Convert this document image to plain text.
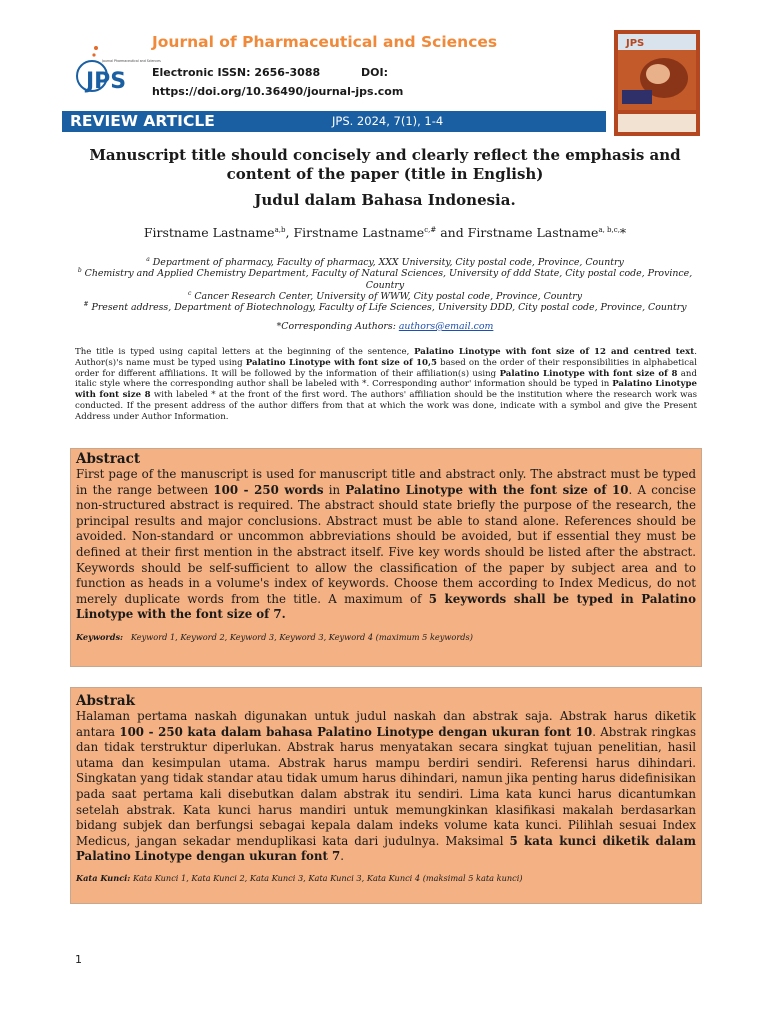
JPS
Journal Pharmaceutical and Sciences
Journal of Pharmaceutical and Sciences
Electronic ISSN: 2656-3088	DOI:
https://doi.org/10.36490/journal-jps.com
JPS
REVIEW ARTICLE	JPS. 2024, 7(1), 1-4
Manuscript title should concisely and clearly reflect the emphasis and content of the paper (title in English)
Judul dalam Bahasa Indonesia.
Firstname Lastname$^{a,b}$, Firstname Lastname$^{c,\#}$ and Firstname Lastname$^{a, b,c,}$*
$^a$ Department of pharmacy, Faculty of pharmacy, XXX University, City postal code, Province, Country
$^b$ Chemistry and Applied Chemistry Department, Faculty of Natural Sciences, University of ddd State, City postal code, Province, Country
$^c$ Cancer Research Center, University of WWW, City postal code, Province, Country
# Present address, Department of Biotechnology, Faculty of Life Sciences, University DDD, City postal code, Province, Country
*Corresponding Authors: authors@email.com
The title is typed using capital letters at the beginning of the sentence, Palatino Linotype with font size of 12 and centred text. Author(s)'s name must be typed using Palatino Linotype with font size of 10,5 based on the order of their responsibilities in alphabetical order for different affiliations. It will be followed by the information of their affiliation(s) using Palatino Linotype with font size of 8 and italic style where the corresponding author shall be labeled with *. Corresponding author' information should be typed in Palatino Linotype with font size 8 with labeled * at the front of the first word. The authors' affiliation should be the institution where the research work was conducted. If the present address of the author differs from that at which the work was done, indicate with a symbol and give the Present Address under Author Information.
Abstract
First page of the manuscript is used for manuscript title and abstract only. The abstract must be typed in the range between 100 - 250 words in Palatino Linotype with the font size of 10. A concise non-structured abstract is required. The abstract should state briefly the purpose of the research, the principal results and major conclusions. Abstract must be able to stand alone. References should be avoided. Non-standard or uncommon abbreviations should be avoided, but if essential they must be defined at their first mention in the abstract itself. Five key words should be listed after the abstract. Keywords should be self-sufficient to allow the classification of the paper by subject area and to function as heads in a volume's index of keywords. Choose them according to Index Medicus, do not merely duplicate words from the title. A maximum of 5 keywords shall be typed in Palatino Linotype with the font size of 7.
Keywords: Keyword 1, Keyword 2, Keyword 3, Keyword 3, Keyword 4 (maximum 5 keywords)
Abstrak
Halaman pertama naskah digunakan untuk judul naskah dan abstrak saja. Abstrak harus diketik antara 100 - 250 kata dalam bahasa Palatino Linotype dengan ukuran font 10. Abstrak ringkas dan tidak terstruktur diperlukan. Abstrak harus menyatakan secara singkat tujuan penelitian, hasil utama dan kesimpulan utama. Abstrak harus mampu berdiri sendiri. Referensi harus dihindari. Singkatan yang tidak standar atau tidak umum harus dihindari, namun jika penting harus didefinisikan pada saat pertama kali disebutkan dalam abstrak itu sendiri. Lima kata kunci harus dicantumkan setelah abstrak. Kata kunci harus mandiri untuk memungkinkan klasifikasi makalah berdasarkan bidang subjek dan berfungsi sebagai kepala dalam indeks volume kata kunci. Pilihlah sesuai Index Medicus, jangan sekadar menduplikasi kata dari judulnya. Maksimal 5 kata kunci diketik dalam Palatino Linotype dengan ukuran font 7.
Kata Kunci: Kata Kunci 1, Kata Kunci 2, Kata Kunci 3, Kata Kunci 3, Kata Kunci 4 (maksimal 5 kata kunci)
1
